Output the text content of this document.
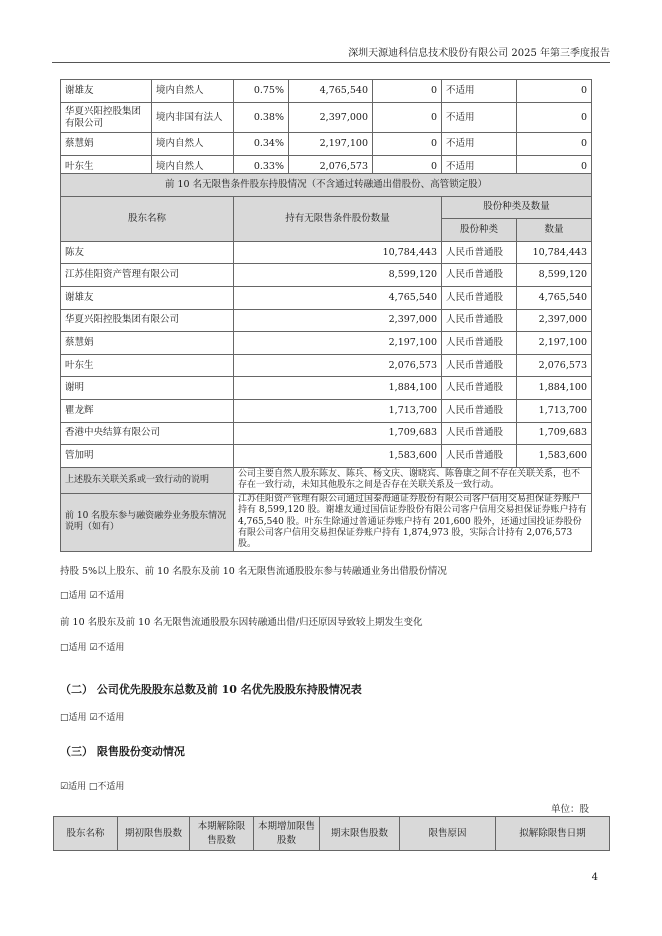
深圳天源迪科信息技术股份有限公司 2025 年第三季度报告
谢雄友	境内自然人	0.75%	4,765,540	0	不适用	0
华夏兴阳控股集团有限公司	境内非国有法人	0.38%	2,397,000	0	不适用	0
蔡慧娟	境内自然人	0.34%	2,197,100	0	不适用	0
叶东生	境内自然人	0.33%	2,076,573	0	不适用	0
前 10 名无限售条件股东持股情况（不含通过转融通出借股份、高管锁定股）			
股东名称	持有无限售条件股份数量	股份种类及数量	
		股份种类	数量
陈友	10,784,443	人民币普通股	10,784,443
江苏佳阳资产管理有限公司	8,599,120	人民币普通股	8,599,120
谢雄友	4,765,540	人民币普通股	4,765,540
华夏兴阳控股集团有限公司	2,397,000	人民币普通股	2,397,000
蔡慧娟	2,197,100	人民币普通股	2,197,100
叶东生	2,076,573	人民币普通股	2,076,573
谢明	1,884,100	人民币普通股	1,884,100
瞿龙辉	1,713,700	人民币普通股	1,713,700
香港中央结算有限公司	1,709,683	人民币普通股	1,709,683
管加明	1,583,600	人民币普通股	1,583,600
上述股东关联关系或一致行动的说明	公司主要自然人股东陈友、陈兵、杨文庆、谢晓宾、陈鲁康之间不存在关联关系，也不存在一致行动，未知其他股东之间是否存在关联关系及一致行动。		
前 10 名股东参与融资融券业务股东情况说明（如有）	江苏佳阳资产管理有限公司通过国泰海通证券股份有限公司客户信用交易担保证券账户持有 8,599,120 股。谢雄友通过国信证券股份有限公司客户信用交易担保证券账户持有 4,765,540 股。叶东生除通过普通证券账户持有 201,600 股外，还通过国投证券股份有限公司客户信用交易担保证券账户持有 1,874,973 股，实际合计持有 2,076,573 股。		
持股 5%以上股东、前 10 名股东及前 10 名无限售流通股股东参与转融通业务出借股份情况
□适用 ☑不适用
前 10 名股东及前 10 名无限售流通股股东因转融通出借/归还原因导致较上期发生变化
□适用 ☑不适用
（二） 公司优先股股东总数及前 10 名优先股股东持股情况表
□适用 ☑不适用
（三） 限售股份变动情况
☑适用 □不适用
单位：股
股东名称	期初限售股数	本期解除限售股数	本期增加限售股数	期末限售股数	限售原因	拟解除限售日期
4
